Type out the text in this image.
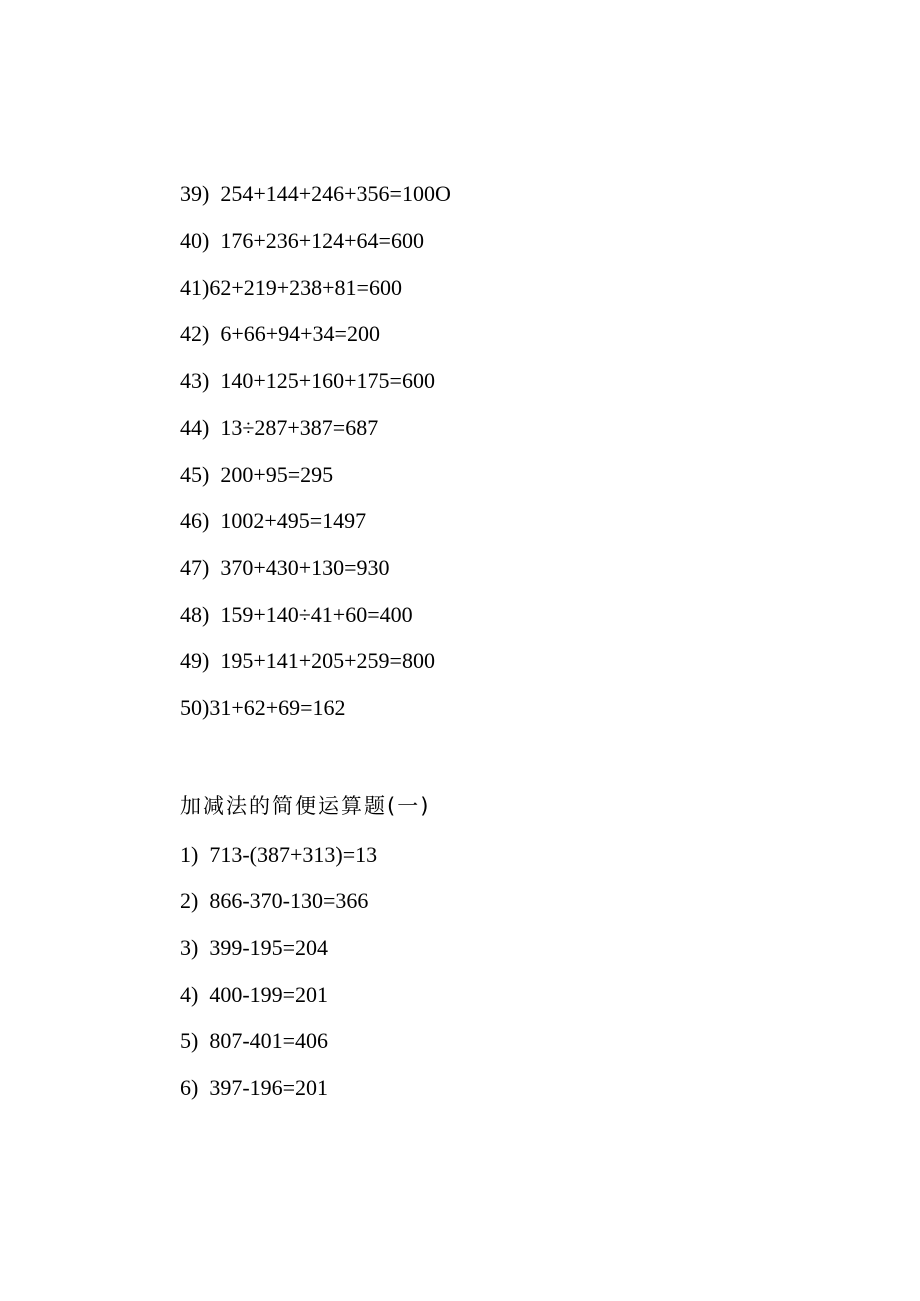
39)  254+144+246+356=100O
40)  176+236+124+64=600
41)62+219+238+81=600
42)  6+66+94+34=200
43)  140+125+160+175=600
44)  13÷287+387=687
45)  200+95=295
46)  1002+495=1497
47)  370+430+130=930
48)  159+140÷41+60=400
49)  195+141+205+259=800
50)31+62+69=162
加减法的简便运算题(一)
1)  713-(387+313)=13
2)  866-370-130=366
3)  399-195=204
4)  400-199=201
5)  807-401=406
6)  397-196=201
